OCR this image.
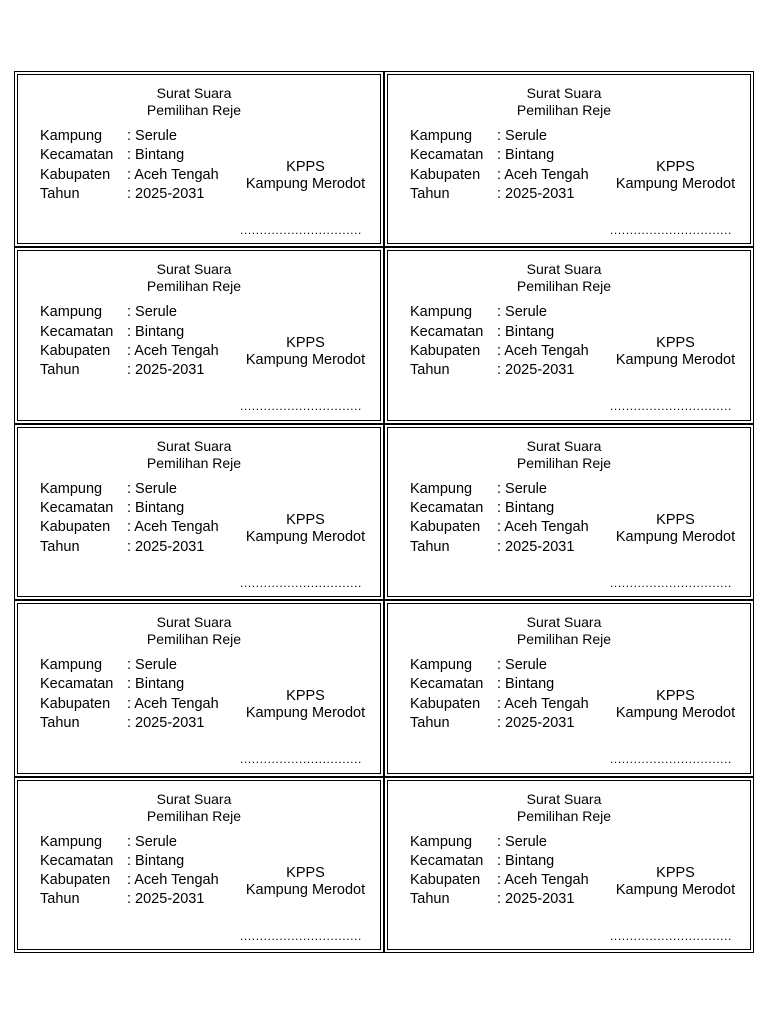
Surat Suara
Pemilihan Reje
Kampung : Serule
Kecamatan : Bintang
Kabupaten : Aceh Tengah
Tahun	: 2025-2031
KPPS
Kampung Merodot
...............................
Surat Suara
Pemilihan Reje
Kampung : Serule
Kecamatan : Bintang
Kabupaten : Aceh Tengah
Tahun	: 2025-2031
KPPS
Kampung Merodot
...............................
Surat Suara
Pemilihan Reje
Kampung : Serule
Kecamatan : Bintang
Kabupaten : Aceh Tengah
Tahun	: 2025-2031
KPPS
Kampung Merodot
...............................
Surat Suara
Pemilihan Reje
Kampung : Serule
Kecamatan : Bintang
Kabupaten : Aceh Tengah
Tahun	: 2025-2031
KPPS
Kampung Merodot
...............................
Surat Suara
Pemilihan Reje
Kampung : Serule
Kecamatan : Bintang
Kabupaten : Aceh Tengah
Tahun	: 2025-2031
KPPS
Kampung Merodot
...............................
Surat Suara
Pemilihan Reje
Kampung : Serule
Kecamatan : Bintang
Kabupaten : Aceh Tengah
Tahun	: 2025-2031
KPPS
Kampung Merodot
...............................
Surat Suara
Pemilihan Reje
Kampung : Serule
Kecamatan : Bintang
Kabupaten : Aceh Tengah
Tahun	: 2025-2031
KPPS
Kampung Merodot
...............................
Surat Suara
Pemilihan Reje
Kampung : Serule
Kecamatan : Bintang
Kabupaten : Aceh Tengah
Tahun	: 2025-2031
KPPS
Kampung Merodot
...............................
Surat Suara
Pemilihan Reje
Kampung : Serule
Kecamatan : Bintang
Kabupaten : Aceh Tengah
Tahun	: 2025-2031
KPPS
Kampung Merodot
...............................
Surat Suara
Pemilihan Reje
Kampung : Serule
Kecamatan : Bintang
Kabupaten : Aceh Tengah
Tahun	: 2025-2031
KPPS
Kampung Merodot
...............................
